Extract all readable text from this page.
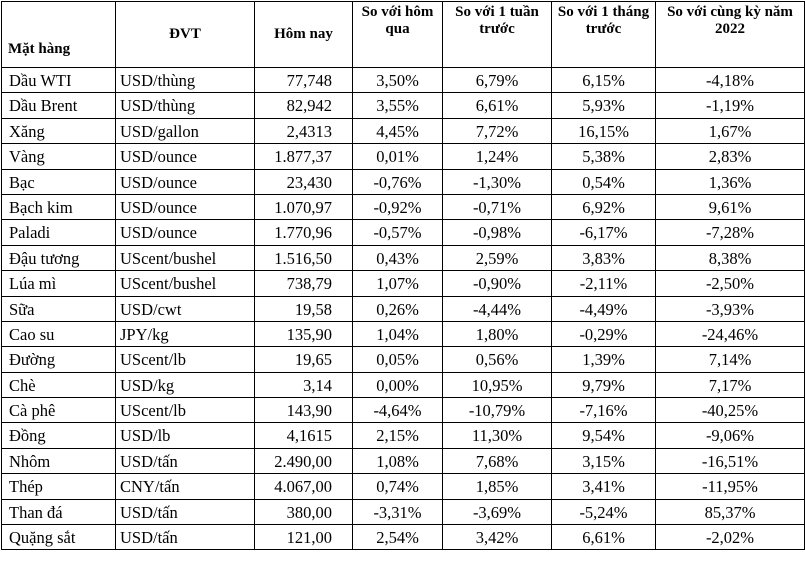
Mặt hàng	ĐVT	Hôm nay	So với hôm qua	So với 1 tuần trước	So với 1 tháng trước	So với cùng kỳ năm 2022
Dầu WTI	USD/thùng	77,748	3,50%	6,79%	6,15%	-4,18%
Dầu Brent	USD/thùng	82,942	3,55%	6,61%	5,93%	-1,19%
Xăng	USD/gallon	2,4313	4,45%	7,72%	16,15%	1,67%
Vàng	USD/ounce	1.877,37	0,01%	1,24%	5,38%	2,83%
Bạc	USD/ounce	23,430	-0,76%	-1,30%	0,54%	1,36%
Bạch kim	USD/ounce	1.070,97	-0,92%	-0,71%	6,92%	9,61%
Paladi	USD/ounce	1.770,96	-0,57%	-0,98%	-6,17%	-7,28%
Đậu tương	UScent/bushel	1.516,50	0,43%	2,59%	3,83%	8,38%
Lúa mì	UScent/bushel	738,79	1,07%	-0,90%	-2,11%	-2,50%
Sữa	USD/cwt	19,58	0,26%	-4,44%	-4,49%	-3,93%
Cao su	JPY/kg	135,90	1,04%	1,80%	-0,29%	-24,46%
Đường	UScent/lb	19,65	0,05%	0,56%	1,39%	7,14%
Chè	USD/kg	3,14	0,00%	10,95%	9,79%	7,17%
Cà phê	UScent/lb	143,90	-4,64%	-10,79%	-7,16%	-40,25%
Đồng	USD/lb	4,1615	2,15%	11,30%	9,54%	-9,06%
Nhôm	USD/tấn	2.490,00	1,08%	7,68%	3,15%	-16,51%
Thép	CNY/tấn	4.067,00	0,74%	1,85%	3,41%	-11,95%
Than đá	USD/tấn	380,00	-3,31%	-3,69%	-5,24%	85,37%
Quặng sắt	USD/tấn	121,00	2,54%	3,42%	6,61%	-2,02%
